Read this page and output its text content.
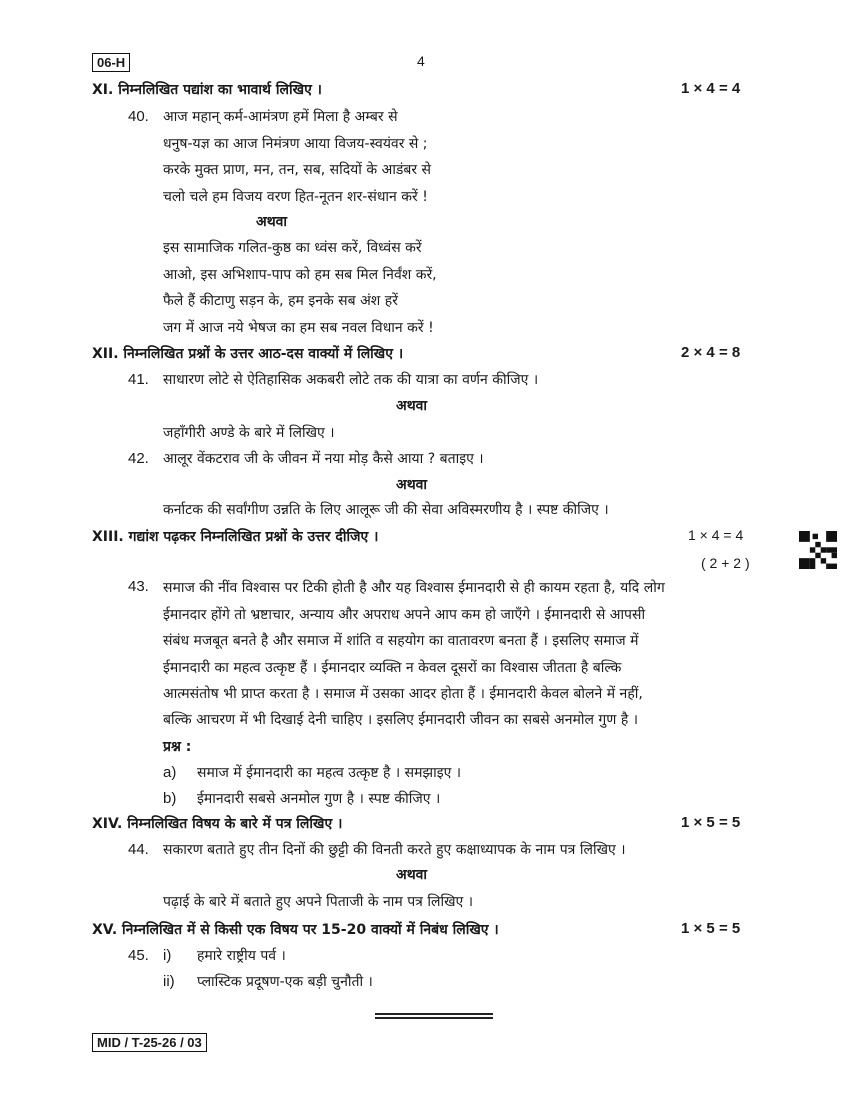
06-H	4
XI. निम्नलिखित पद्यांश का भावार्थ लिखिए ।	1 × 4 = 4
40. आज महान् कर्म-आमंत्रण हमें मिला है अम्बर से
धनुष-यज्ञ का आज निमंत्रण आया विजय-स्वयंवर से ;
करके मुक्त प्राण, मन, तन, सब, सदियों के आडंबर से
चलो चले हम विजय वरण हित-नूतन शर-संधान करें !
अथवा
इस सामाजिक गलित-कुष्ठ का ध्वंस करें, विध्वंस करें
आओ, इस अभिशाप-पाप को हम सब मिल निर्वंश करें,
फैले हैं कीटाणु सड़न के, हम इनके सब अंश हरें
जग में आज नये भेषज का हम सब नवल विधान करें !
XII. निम्नलिखित प्रश्नों के उत्तर आठ-दस वाक्यों में लिखिए ।	2 × 4 = 8
41. साधारण लोटे से ऐतिहासिक अकबरी लोटे तक की यात्रा का वर्णन कीजिए ।
अथवा
जहाँगीरी अण्डे के बारे में लिखिए ।
42. आलूर वेंकटराव जी के जीवन में नया मोड़ कैसे आया ? बताइए ।
अथवा
कर्नाटक की सर्वांगीण उन्नति के लिए आलूरू जी की सेवा अविस्मरणीय है । स्पष्ट कीजिए ।
XIII. गद्यांश पढ़कर निम्नलिखित प्रश्नों के उत्तर दीजिए ।	1 × 4 = 4
( 2 + 2 )
43. समाज की नींव विश्वास पर टिकी होती है और यह विश्वास ईमानदारी से ही कायम रहता है, यदि लोग
ईमानदार होंगे तो भ्रष्टाचार, अन्याय और अपराध अपने आप कम हो जाएँगे । ईमानदारी से आपसी
संबंध मजबूत बनते है और समाज में शांति व सहयोग का वातावरण बनता हैं । इसलिए समाज में
ईमानदारी का महत्व उत्कृष्ट हैं । ईमानदार व्यक्ति न केवल दूसरों का विश्वास जीतता है बल्कि
आत्मसंतोष भी प्राप्त करता है । समाज में उसका आदर होता हैं । ईमानदारी केवल बोलने में नहीं,
बल्कि आचरण में भी दिखाई देनी चाहिए । इसलिए ईमानदारी जीवन का सबसे अनमोल गुण है ।
प्रश्न :
a) समाज में ईमानदारी का महत्व उत्कृष्ट है । समझाइए ।
b) ईमानदारी सबसे अनमोल गुण है । स्पष्ट कीजिए ।
XIV. निम्नलिखित विषय के बारे में पत्र लिखिए ।	1 × 5 = 5
44. सकारण बताते हुए तीन दिनों की छुट्टी की विनती करते हुए कक्षाध्यापक के नाम पत्र लिखिए ।
अथवा
पढ़ाई के बारे में बताते हुए अपने पिताजी के नाम पत्र लिखिए ।
XV. निम्नलिखित में से किसी एक विषय पर 15-20 वाक्यों में निबंध लिखिए ।	1 × 5 = 5
45. i) हमारे राष्ट्रीय पर्व ।
ii) प्लास्टिक प्रदूषण-एक बड़ी चुनौती ।
MID / T-25-26 / 03
